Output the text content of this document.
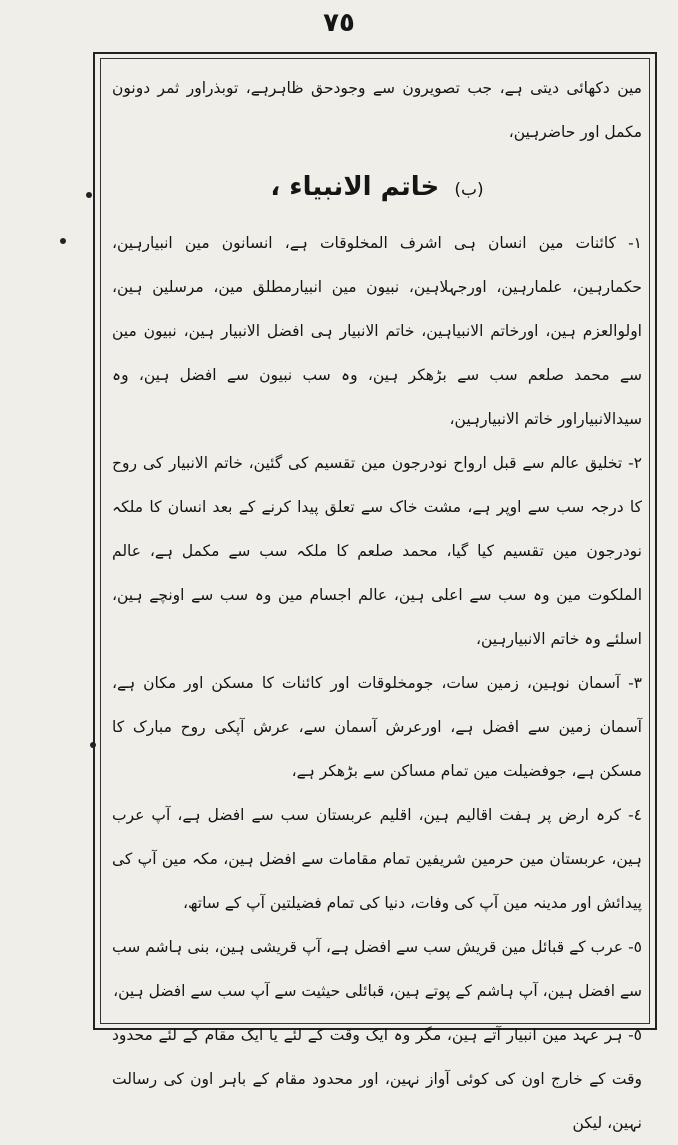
٧٥

مین دکھائی دیتی ہے، جب تصویرون سے وجودحق ظاہرہے، توبذراور ثمر دونون مکمل اور حاضرہین،

(ب) خاتم الانبیاء ،

١- کائنات مین انسان ہی اشرف المخلوقات ہے، انسانون مین انبیارہین، حکمارہین، علمارہین، اورجہلاہین، نبیون مین انبیارمطلق مین، مرسلین ہین، اولوالعزم ہین، اورخاتم الانبیاہین، خاتم الانبیار ہی افضل الانبیار ہین، نبیون مین سے محمد صلعم سب سے بڑھکر ہین، وہ سب نبیون سے افضل ہین، وہ سیدالانبیاراور خاتم الانبیارہین،

٢- تخلیق عالم سے قبل ارواح نودرجون مین تقسیم کی گئین، خاتم الانبیار کی روح کا درجہ سب سے اوپر ہے، مشت خاک سے تعلق پیدا کرنے کے بعد انسان کا ملکہ نودرجون مین تقسیم کیا گیا، محمد صلعم کا ملکہ سب سے مکمل ہے، عالم الملکوت مین وہ سب سے اعلی ہین، عالم اجسام مین وہ سب سے اونچے ہین، اسلئے وہ خاتم الانبیارہین،

٣- آسمان نوہین، زمین سات، جومخلوقات اور کائنات کا مسکن اور مکان ہے، آسمان زمین سے افضل ہے، اورعرش آسمان سے، عرش آپکی روح مبارک کا مسکن ہے، جوفضیلت مین تمام مساکن سے بڑھکر ہے،

٤- کرہ ارض پر ہفت اقالیم ہین، اقلیم عربستان سب سے افضل ہے، آپ عرب ہین، عربستان مین حرمین شریفین تمام مقامات سے افضل ہین، مکہ مین آپ کی پیدائش اور مدینہ مین آپ کی وفات، دنیا کی تمام فضیلتین آپ کے ساتھ،

٥- عرب کے قبائل مین قریش سب سے افضل ہے، آپ قریشی ہین، بنی ہاشم سب سے افضل ہین، آپ ہاشم کے پوتے ہین، قبائلی حیثیت سے آپ سب سے افضل ہین،

٥- ہر عہد مین انبیار آتے ہین، مگر وہ ایک وقت کے لئے یا ایک مقام کے لئے محدود وقت کے خارج اون کی کوئی آواز نہین، اور محدود مقام کے باہر اون کی رسالت نہین، لیکن
